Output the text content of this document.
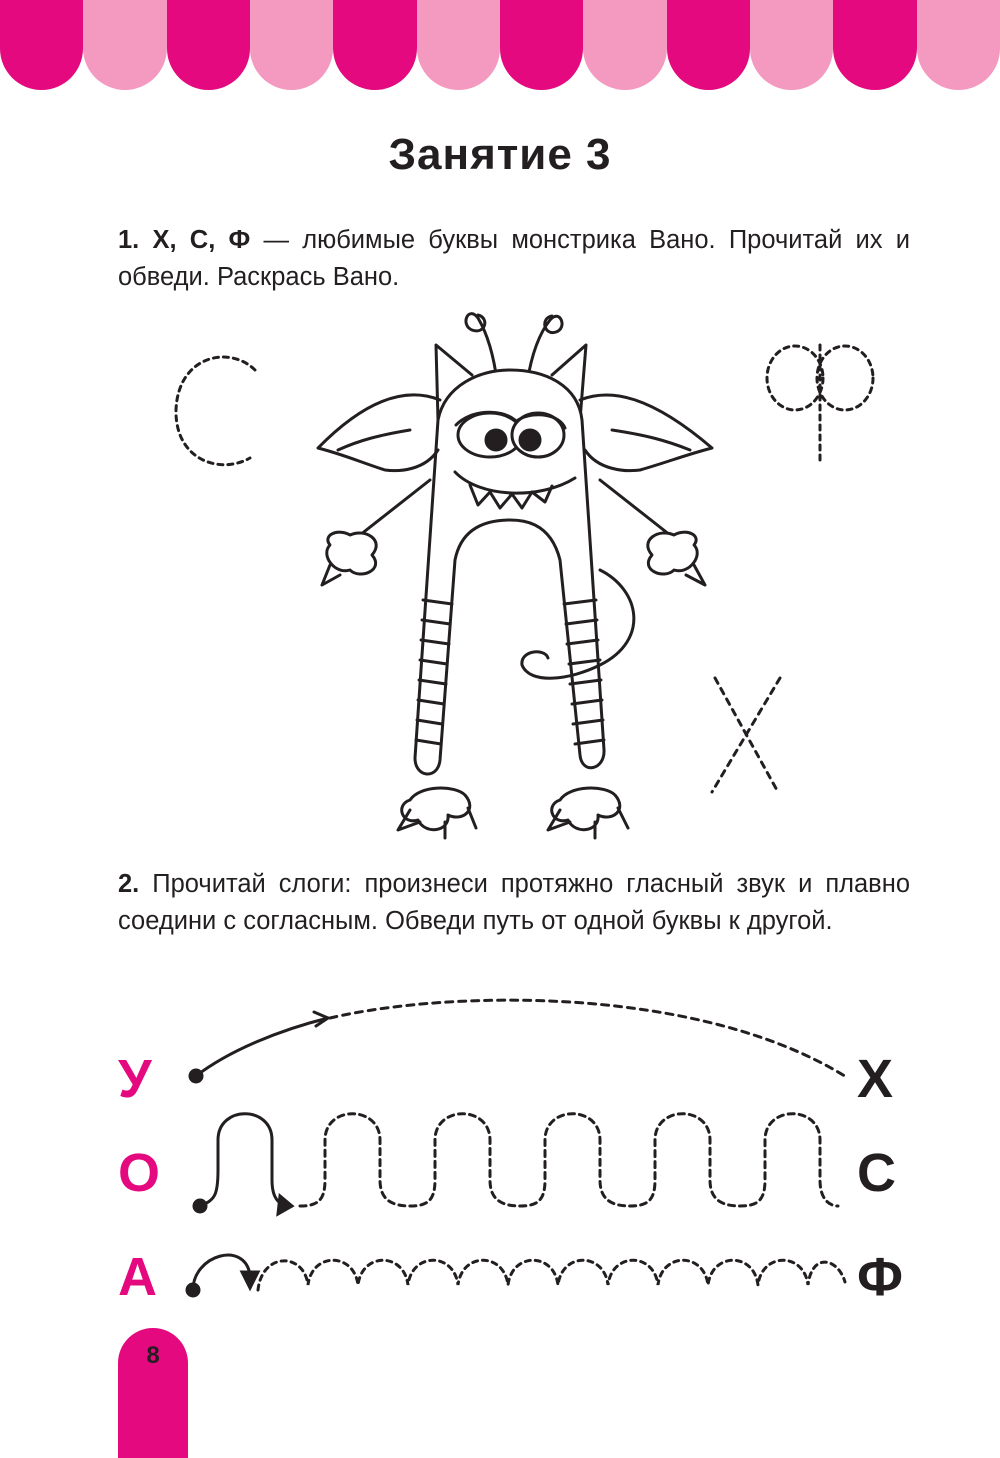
Занятие 3

1. Х, С, Ф — любимые буквы монстрика Вано. Прочитай их и обведи. Раскрась Вано.

2. Прочитай слоги: произнеси протяжно гласный звук и плавно соедини с согласным. Обведи путь от одной буквы к другой.

У
О
А
Х
С
Ф
8
